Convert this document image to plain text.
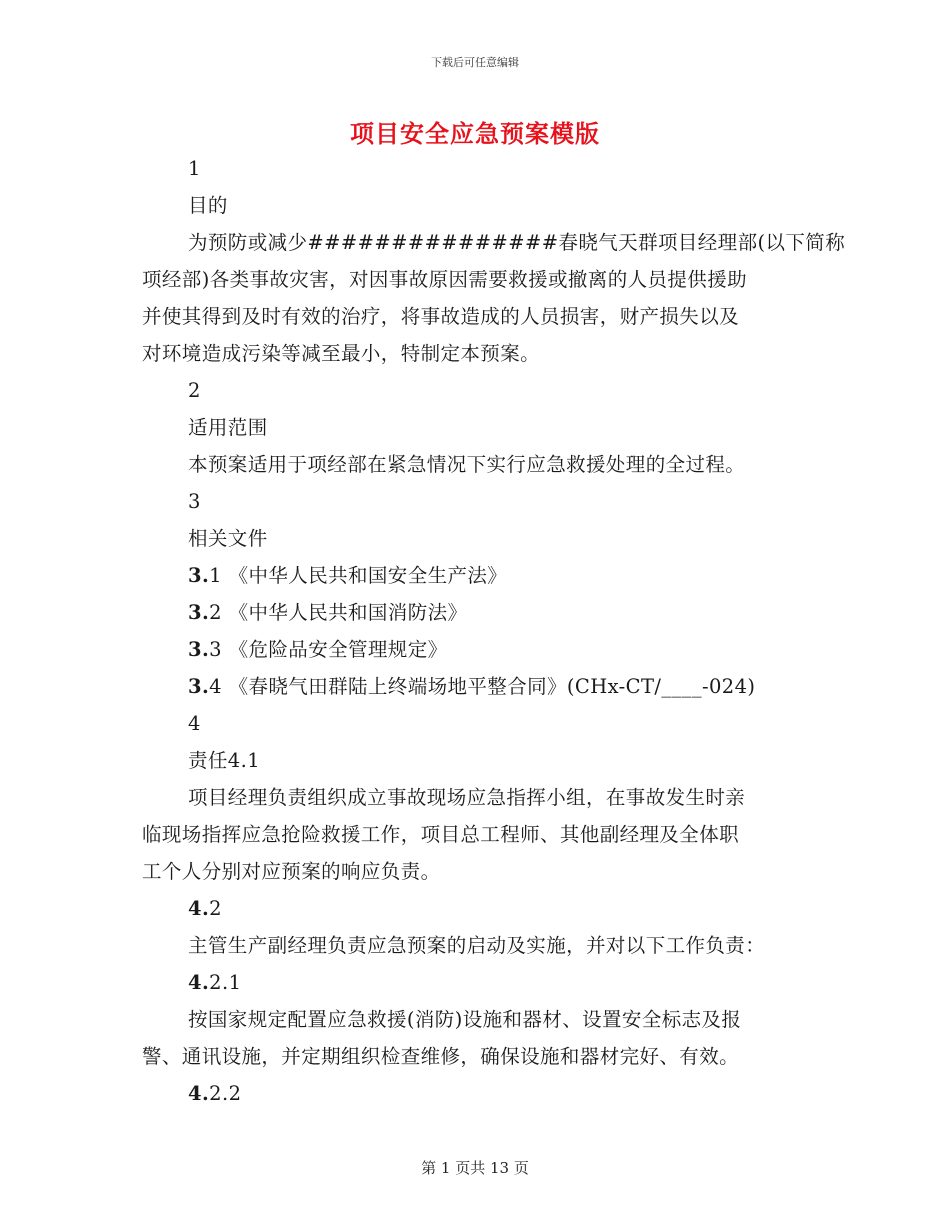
下载后可任意编辑
项目安全应急预案模版
1
目的
为预防或减少###############春晓气天群项目经理部(以下简称
项经部)各类事故灾害，对因事故原因需要救援或撤离的人员提供援助
并使其得到及时有效的治疗，将事故造成的人员损害，财产损失以及
对环境造成污染等减至最小，特制定本预案。
2
适用范围
本预案适用于项经部在紧急情况下实行应急救援处理的全过程。
3
相关文件
3.1 《中华人民共和国安全生产法》
3.2 《中华人民共和国消防法》
3.3 《危险品安全管理规定》
3.4 《春晓气田群陆上终端场地平整合同》(CHx-CT/____-024)
4
责任4.1
项目经理负责组织成立事故现场应急指挥小组，在事故发生时亲
临现场指挥应急抢险救援工作，项目总工程师、其他副经理及全体职
工个人分别对应预案的响应负责。
4.2
主管生产副经理负责应急预案的启动及实施，并对以下工作负责：
4.2.1
按国家规定配置应急救援(消防)设施和器材、设置安全标志及报
警、通讯设施，并定期组织检查维修，确保设施和器材完好、有效。
4.2.2
第 1 页共 13 页
